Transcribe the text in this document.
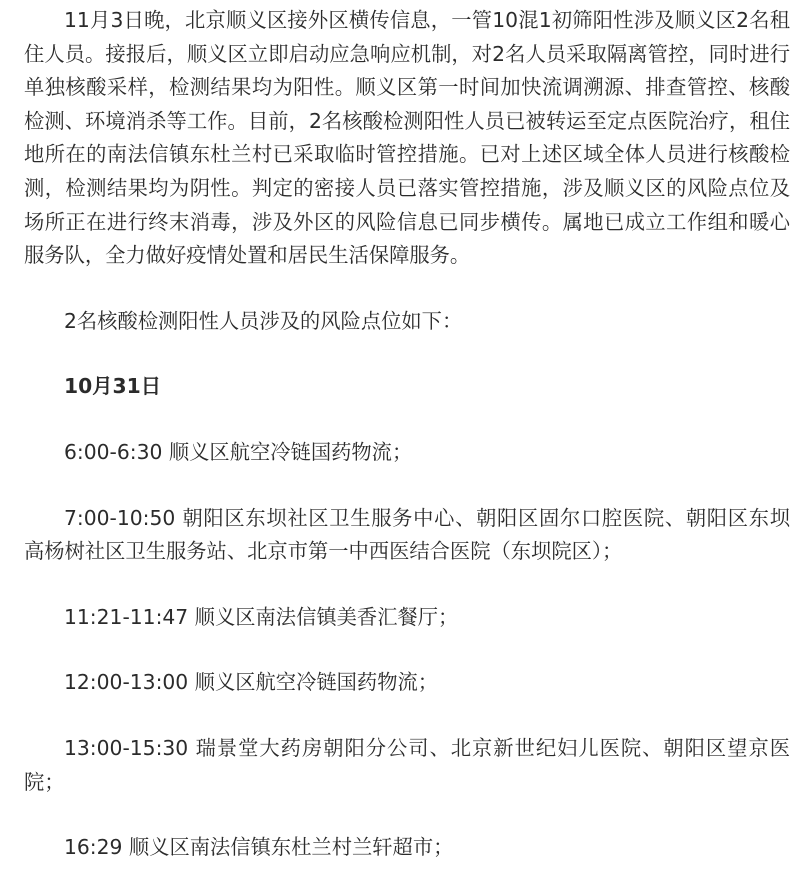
11月3日晚，北京顺义区接外区横传信息，一管10混1初筛阳性涉及顺义区2名租住人员。接报后，顺义区立即启动应急响应机制，对2名人员采取隔离管控，同时进行单独核酸采样，检测结果均为阳性。顺义区第一时间加快流调溯源、排查管控、核酸检测、环境消杀等工作。目前，2名核酸检测阳性人员已被转运至定点医院治疗，租住地所在的南法信镇东杜兰村已采取临时管控措施。已对上述区域全体人员进行核酸检测，检测结果均为阴性。判定的密接人员已落实管控措施，涉及顺义区的风险点位及场所正在进行终末消毒，涉及外区的风险信息已同步横传。属地已成立工作组和暖心服务队，全力做好疫情处置和居民生活保障服务。

2名核酸检测阳性人员涉及的风险点位如下：

10月31日

6:00-6:30 顺义区航空冷链国药物流；

7:00-10:50 朝阳区东坝社区卫生服务中心、朝阳区固尔口腔医院、朝阳区东坝高杨树社区卫生服务站、北京市第一中西医结合医院（东坝院区）；

11:21-11:47 顺义区南法信镇美香汇餐厅；

12:00-13:00 顺义区航空冷链国药物流；

13:00-15:30 瑞景堂大药房朝阳分公司、北京新世纪妇儿医院、朝阳区望京医院；

16:29 顺义区南法信镇东杜兰村兰轩超市；
